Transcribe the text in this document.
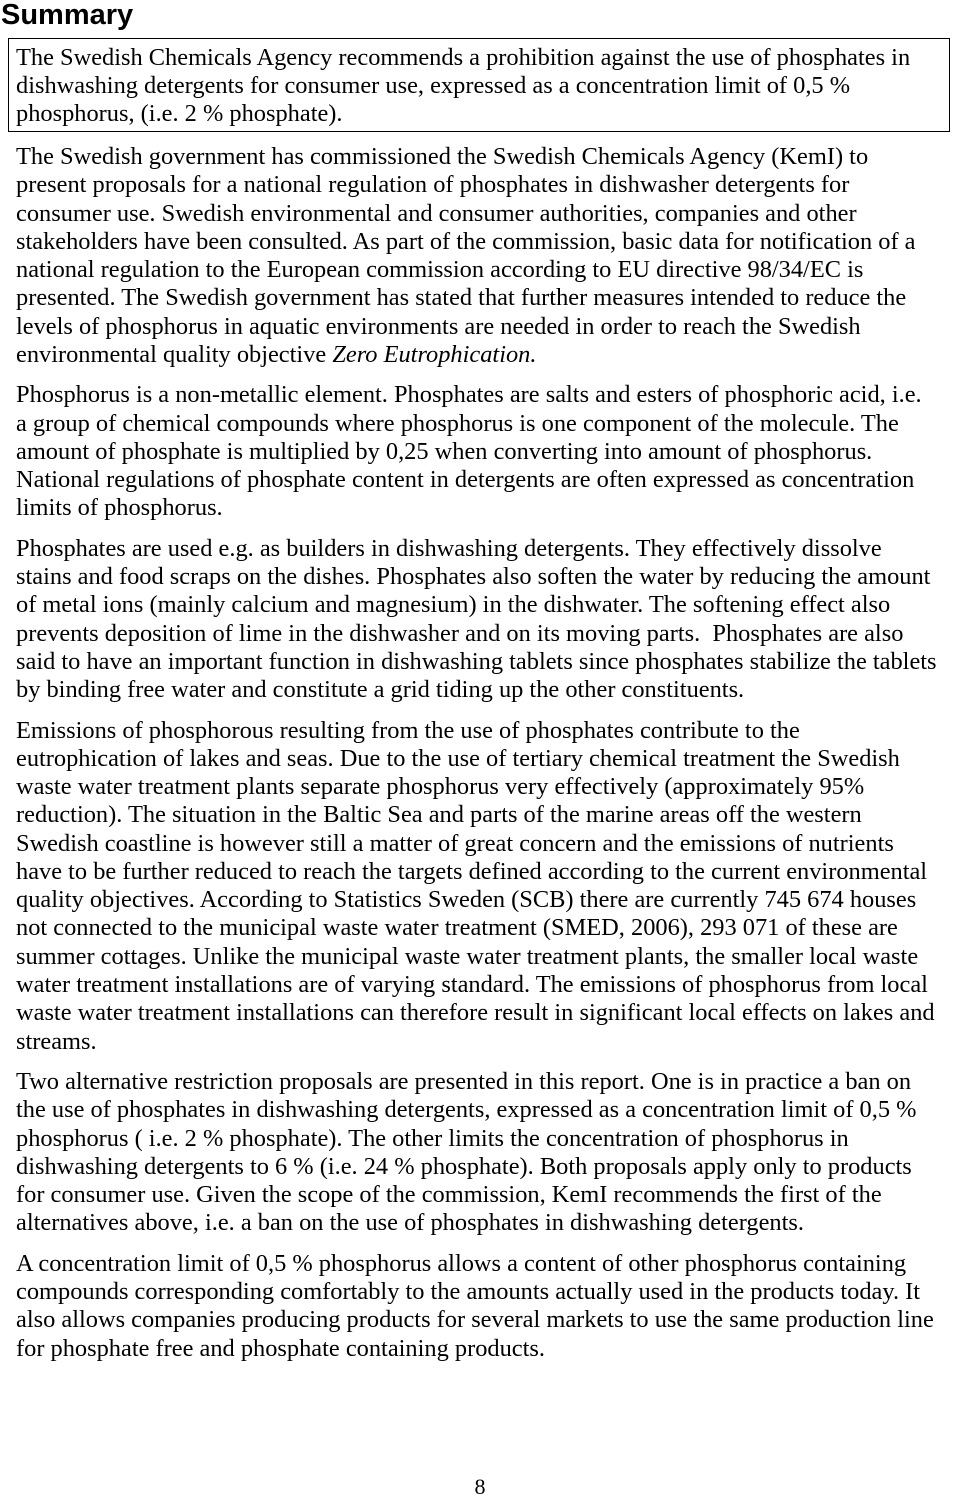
Summary
The Swedish Chemicals Agency recommends a prohibition against the use of phosphates in
dishwashing detergents for consumer use, expressed as a concentration limit of 0,5 %
phosphorus, (i.e. 2 % phosphate).
The Swedish government has commissioned the Swedish Chemicals Agency (KemI) to
present proposals for a national regulation of phosphates in dishwasher detergents for
consumer use. Swedish environmental and consumer authorities, companies and other
stakeholders have been consulted. As part of the commission, basic data for notification of a
national regulation to the European commission according to EU directive 98/34/EC is
presented. The Swedish government has stated that further measures intended to reduce the
levels of phosphorus in aquatic environments are needed in order to reach the Swedish
environmental quality objective Zero Eutrophication.
Phosphorus is a non-metallic element. Phosphates are salts and esters of phosphoric acid, i.e.
a group of chemical compounds where phosphorus is one component of the molecule. The
amount of phosphate is multiplied by 0,25 when converting into amount of phosphorus.
National regulations of phosphate content in detergents are often expressed as concentration
limits of phosphorus.
Phosphates are used e.g. as builders in dishwashing detergents. They effectively dissolve
stains and food scraps on the dishes. Phosphates also soften the water by reducing the amount
of metal ions (mainly calcium and magnesium) in the dishwater. The softening effect also
prevents deposition of lime in the dishwasher and on its moving parts.  Phosphates are also
said to have an important function in dishwashing tablets since phosphates stabilize the tablets
by binding free water and constitute a grid tiding up the other constituents.
Emissions of phosphorous resulting from the use of phosphates contribute to the
eutrophication of lakes and seas. Due to the use of tertiary chemical treatment the Swedish
waste water treatment plants separate phosphorus very effectively (approximately 95%
reduction). The situation in the Baltic Sea and parts of the marine areas off the western
Swedish coastline is however still a matter of great concern and the emissions of nutrients
have to be further reduced to reach the targets defined according to the current environmental
quality objectives. According to Statistics Sweden (SCB) there are currently 745 674 houses
not connected to the municipal waste water treatment (SMED, 2006), 293 071 of these are
summer cottages. Unlike the municipal waste water treatment plants, the smaller local waste
water treatment installations are of varying standard. The emissions of phosphorus from local
waste water treatment installations can therefore result in significant local effects on lakes and
streams.
Two alternative restriction proposals are presented in this report. One is in practice a ban on
the use of phosphates in dishwashing detergents, expressed as a concentration limit of 0,5 %
phosphorus ( i.e. 2 % phosphate). The other limits the concentration of phosphorus in
dishwashing detergents to 6 % (i.e. 24 % phosphate). Both proposals apply only to products
for consumer use. Given the scope of the commission, KemI recommends the first of the
alternatives above, i.e. a ban on the use of phosphates in dishwashing detergents.
A concentration limit of 0,5 % phosphorus allows a content of other phosphorus containing
compounds corresponding comfortably to the amounts actually used in the products today. It
also allows companies producing products for several markets to use the same production line
for phosphate free and phosphate containing products.
8
